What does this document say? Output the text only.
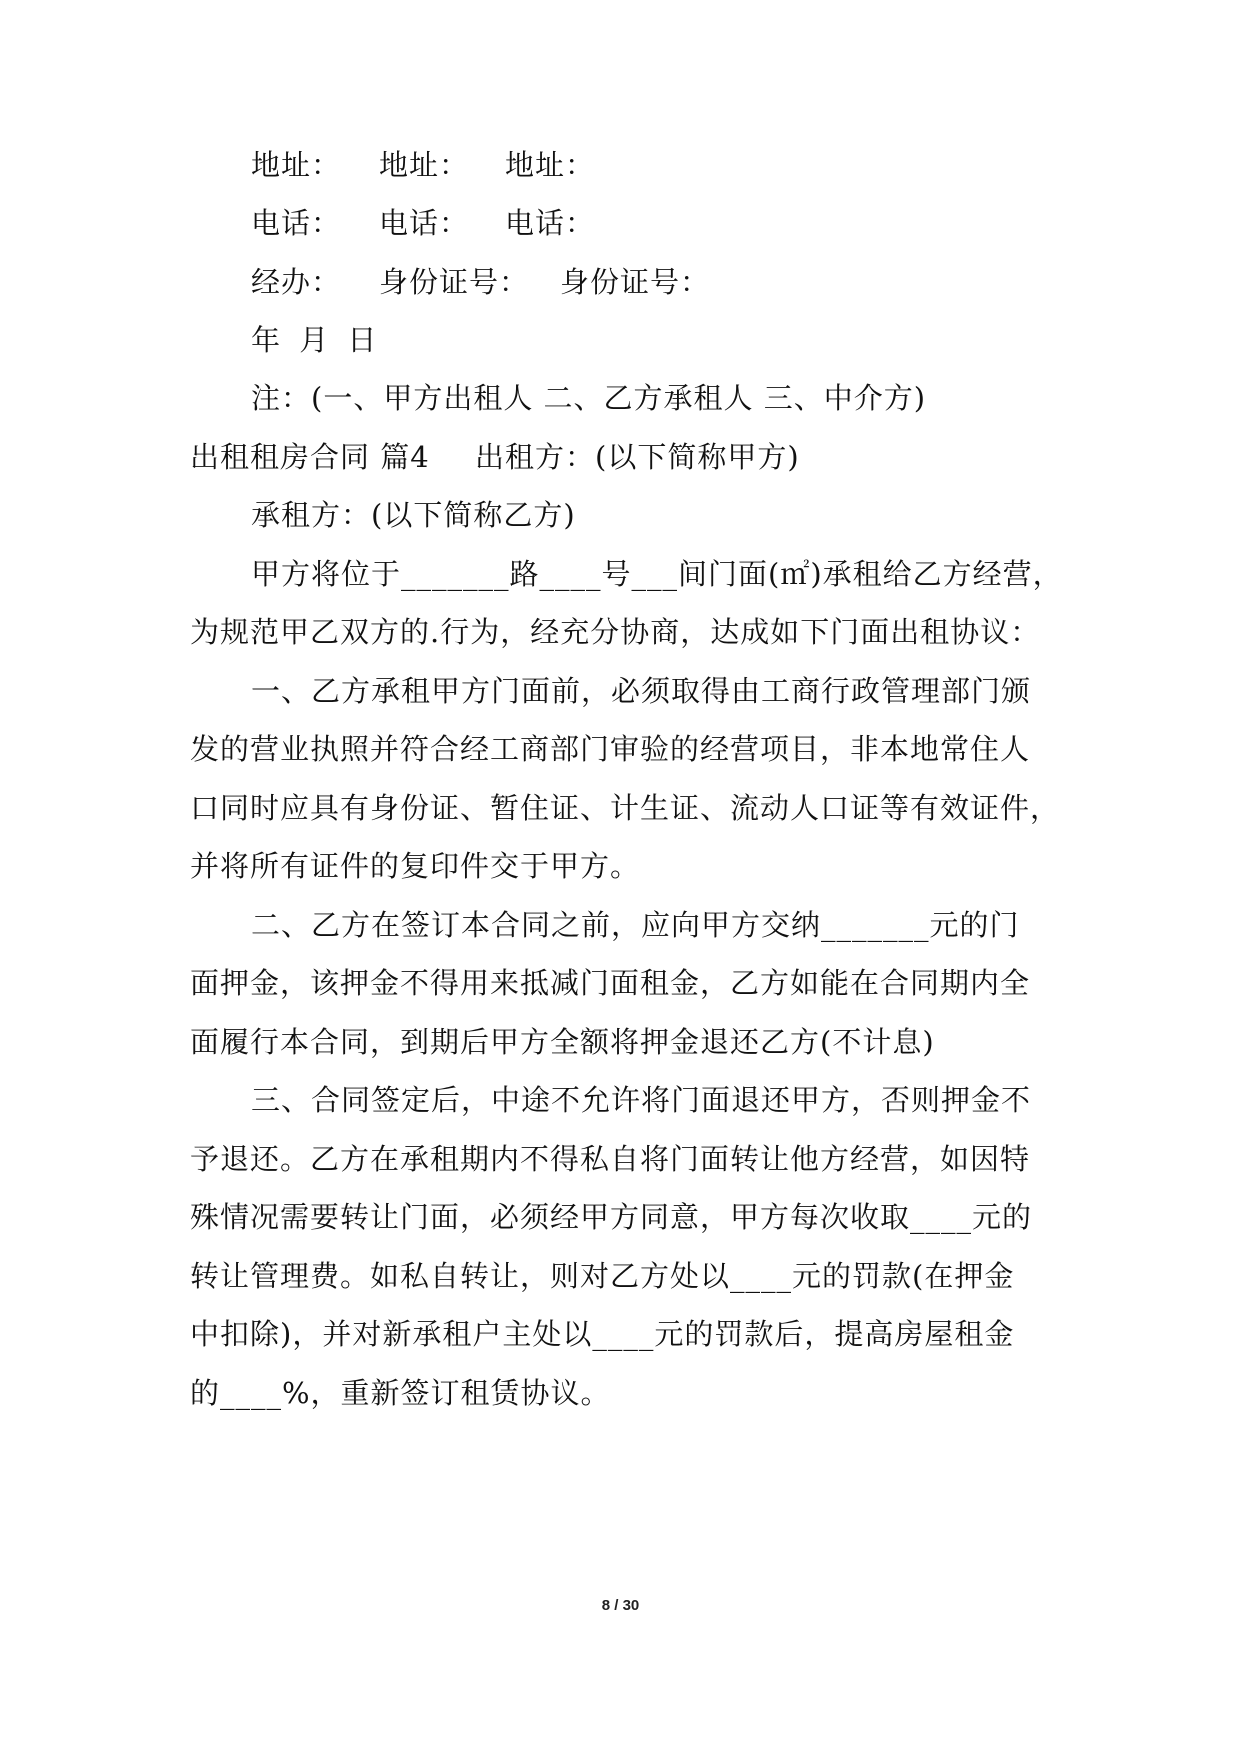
地址： 地址： 地址：
电话： 电话： 电话：
经办： 身份证号： 身份证号：
年 月 日
注：(一、甲方出租人 二、乙方承租人 三、中介方)
出租租房合同 篇4 出租方：(以下简称甲方)
承租方：(以下简称乙方)
甲方将位于_______路____号___间门面(㎡)承租给乙方经营，
为规范甲乙双方的.行为，经充分协商，达成如下门面出租协议：
一、乙方承租甲方门面前，必须取得由工商行政管理部门颁
发的营业执照并符合经工商部门审验的经营项目，非本地常住人
口同时应具有身份证、暂住证、计生证、流动人口证等有效证件，
并将所有证件的复印件交于甲方。
二、乙方在签订本合同之前，应向甲方交纳_______元的门
面押金，该押金不得用来抵减门面租金，乙方如能在合同期内全
面履行本合同，到期后甲方全额将押金退还乙方(不计息)
三、合同签定后，中途不允许将门面退还甲方，否则押金不
予退还。乙方在承租期内不得私自将门面转让他方经营，如因特
殊情况需要转让门面，必须经甲方同意，甲方每次收取____元的
转让管理费。如私自转让，则对乙方处以____元的罚款(在押金
中扣除)，并对新承租户主处以____元的罚款后，提高房屋租金
的____%，重新签订租赁协议。
8 / 30
